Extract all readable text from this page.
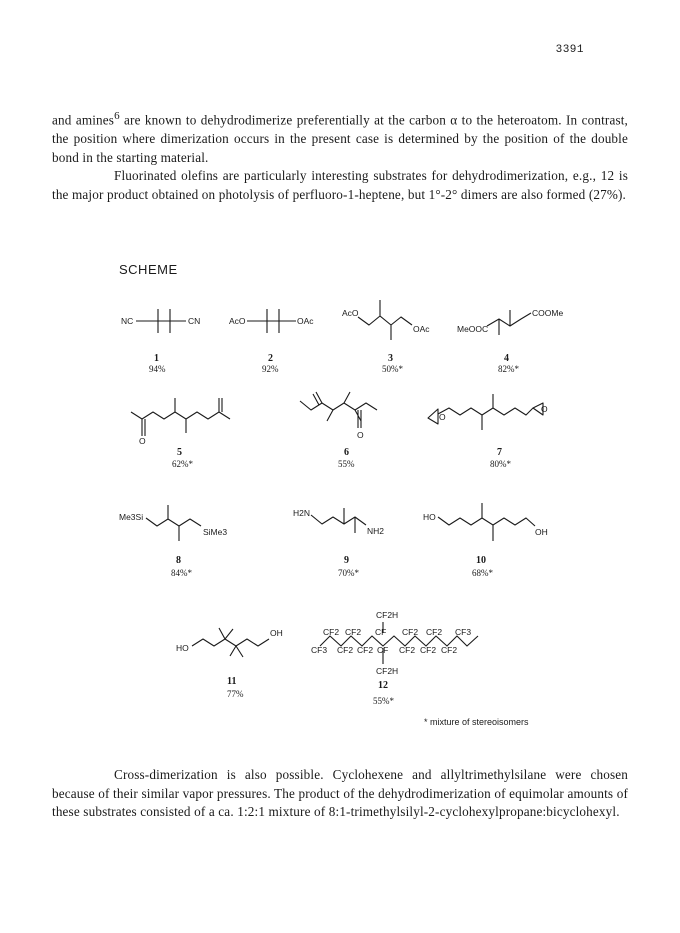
3391

and amines$^6$ are known to dehydrodimerize preferentially at the carbon α to the heteroatom. In contrast, the position where dimerization occurs in the present case is determined by the position of the double bond in the starting material.
Fluorinated olefins are particularly interesting substrates for dehydrodimerization, e.g., 12 is the major product obtained on photolysis of perfluoro-1-heptene, but 1°-2° dimers are also formed (27%).

SCHEME
NC	CN	AcO	OAc
AcO
OAc	MeOOC
COOMe
1
94%
2
92%
3
50%*
4
82%*
O
O
O
O
5
62%*
6
55%
7
80%*
Me3Si
SiMe3
H2N
NH2
HO
OH
8
84%*
9
70%*
10
68%*
HO
OH
CF2H
CF2 CF2 CF CF2 CF2 CF3
CF3 CF2 CF2 CF CF2 CF2 CF2
CF2H
11
77%
12
55%*
* mixture of stereoisomers

Cross-dimerization is also possible. Cyclohexene and allyltrimethylsilane were chosen because of their similar vapor pressures. The product of the dehydrodimerization of equimolar amounts of these substrates consisted of a ca. 1:2:1 mixture of 8:1-trimethylsilyl-2-cyclohexylpropane:bicyclohexyl.
